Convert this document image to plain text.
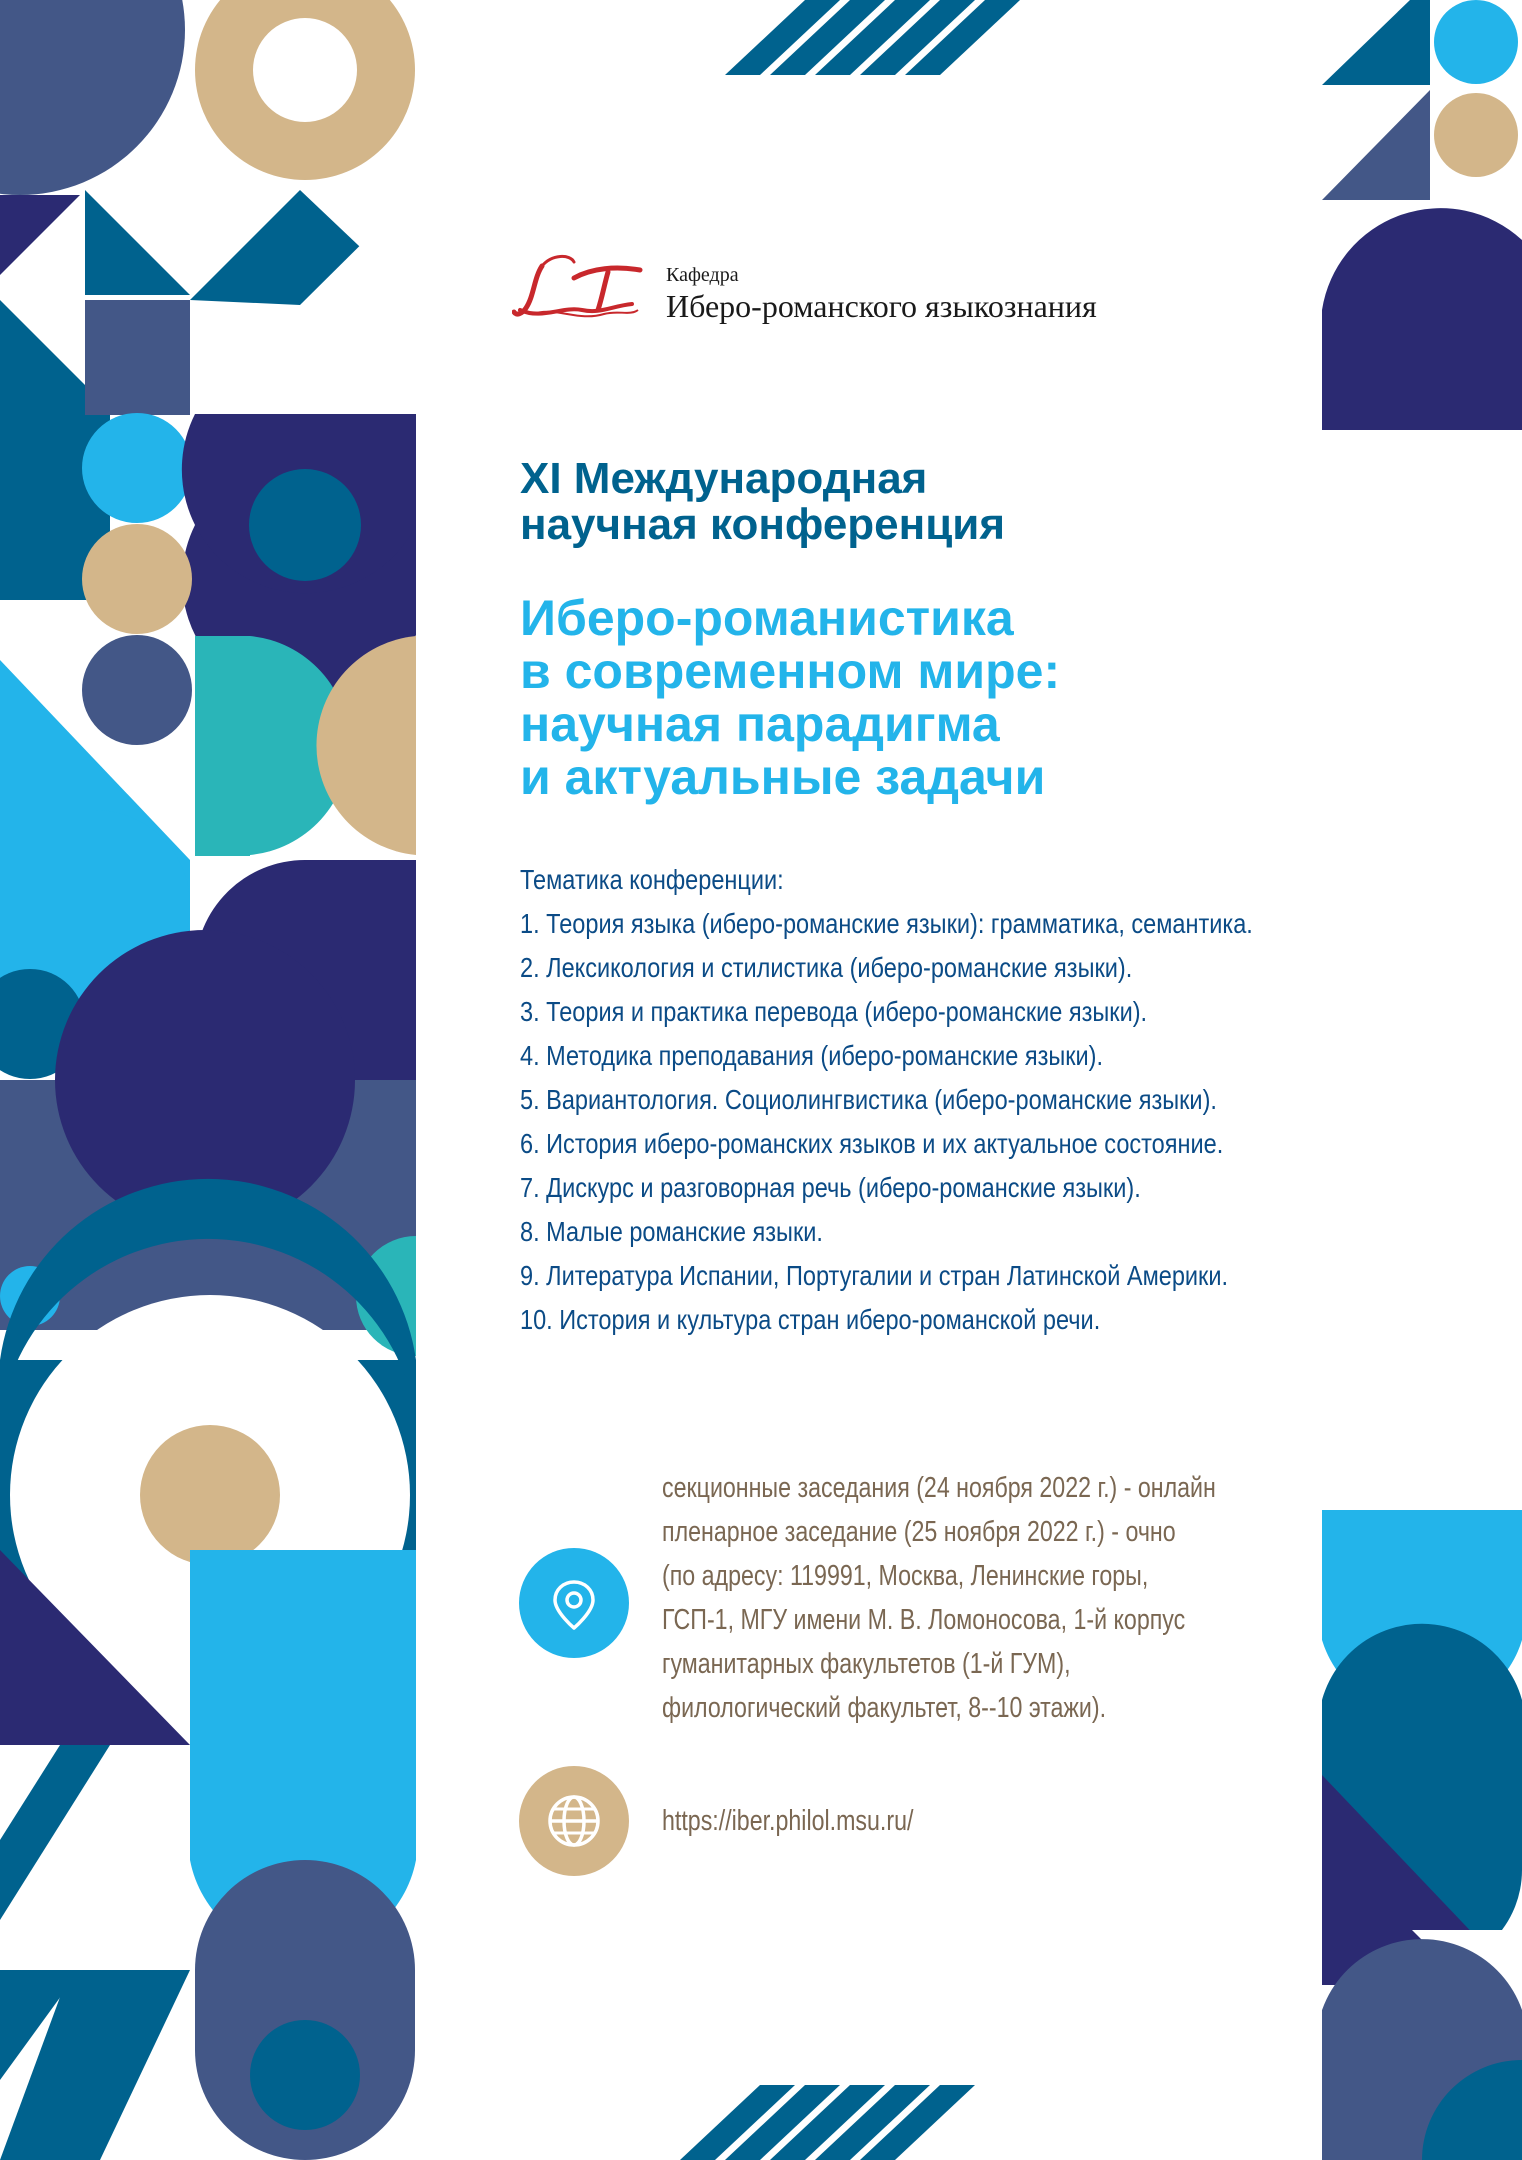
Кафедра
Иберо-романского языкознания
XI Международная
научная конференция
Иберо-романистика
в современном мире:
научная парадигма
и актуальные задачи
Тематика конференции:
1. Теория языка (иберо-романские языки): грамматика, семантика.
2. Лексикология и стилистика (иберо-романские языки).
3. Теория и практика перевода (иберо-романские языки).
4. Методика преподавания (иберо-романские языки).
5. Вариантология. Социолингвистика (иберо-романские языки).
6. История иберо-романских языков и их актуальное состояние.
7. Дискурс и разговорная речь (иберо-романские языки).
8. Малые романские языки.
9. Литература Испании, Португалии и стран Латинской Америки.
10. История и культура стран иберо-романской речи.
секционные заседания (24 ноября 2022 г.) - онлайн
пленарное заседание (25 ноября 2022 г.) - очно
(по адресу: 119991, Москва, Ленинские горы,
ГСП-1, МГУ имени М. В. Ломоносова, 1-й корпус
гуманитарных факультетов (1-й ГУМ),
филологический факультет, 8--10 этажи).
https://iber.philol.msu.ru/
